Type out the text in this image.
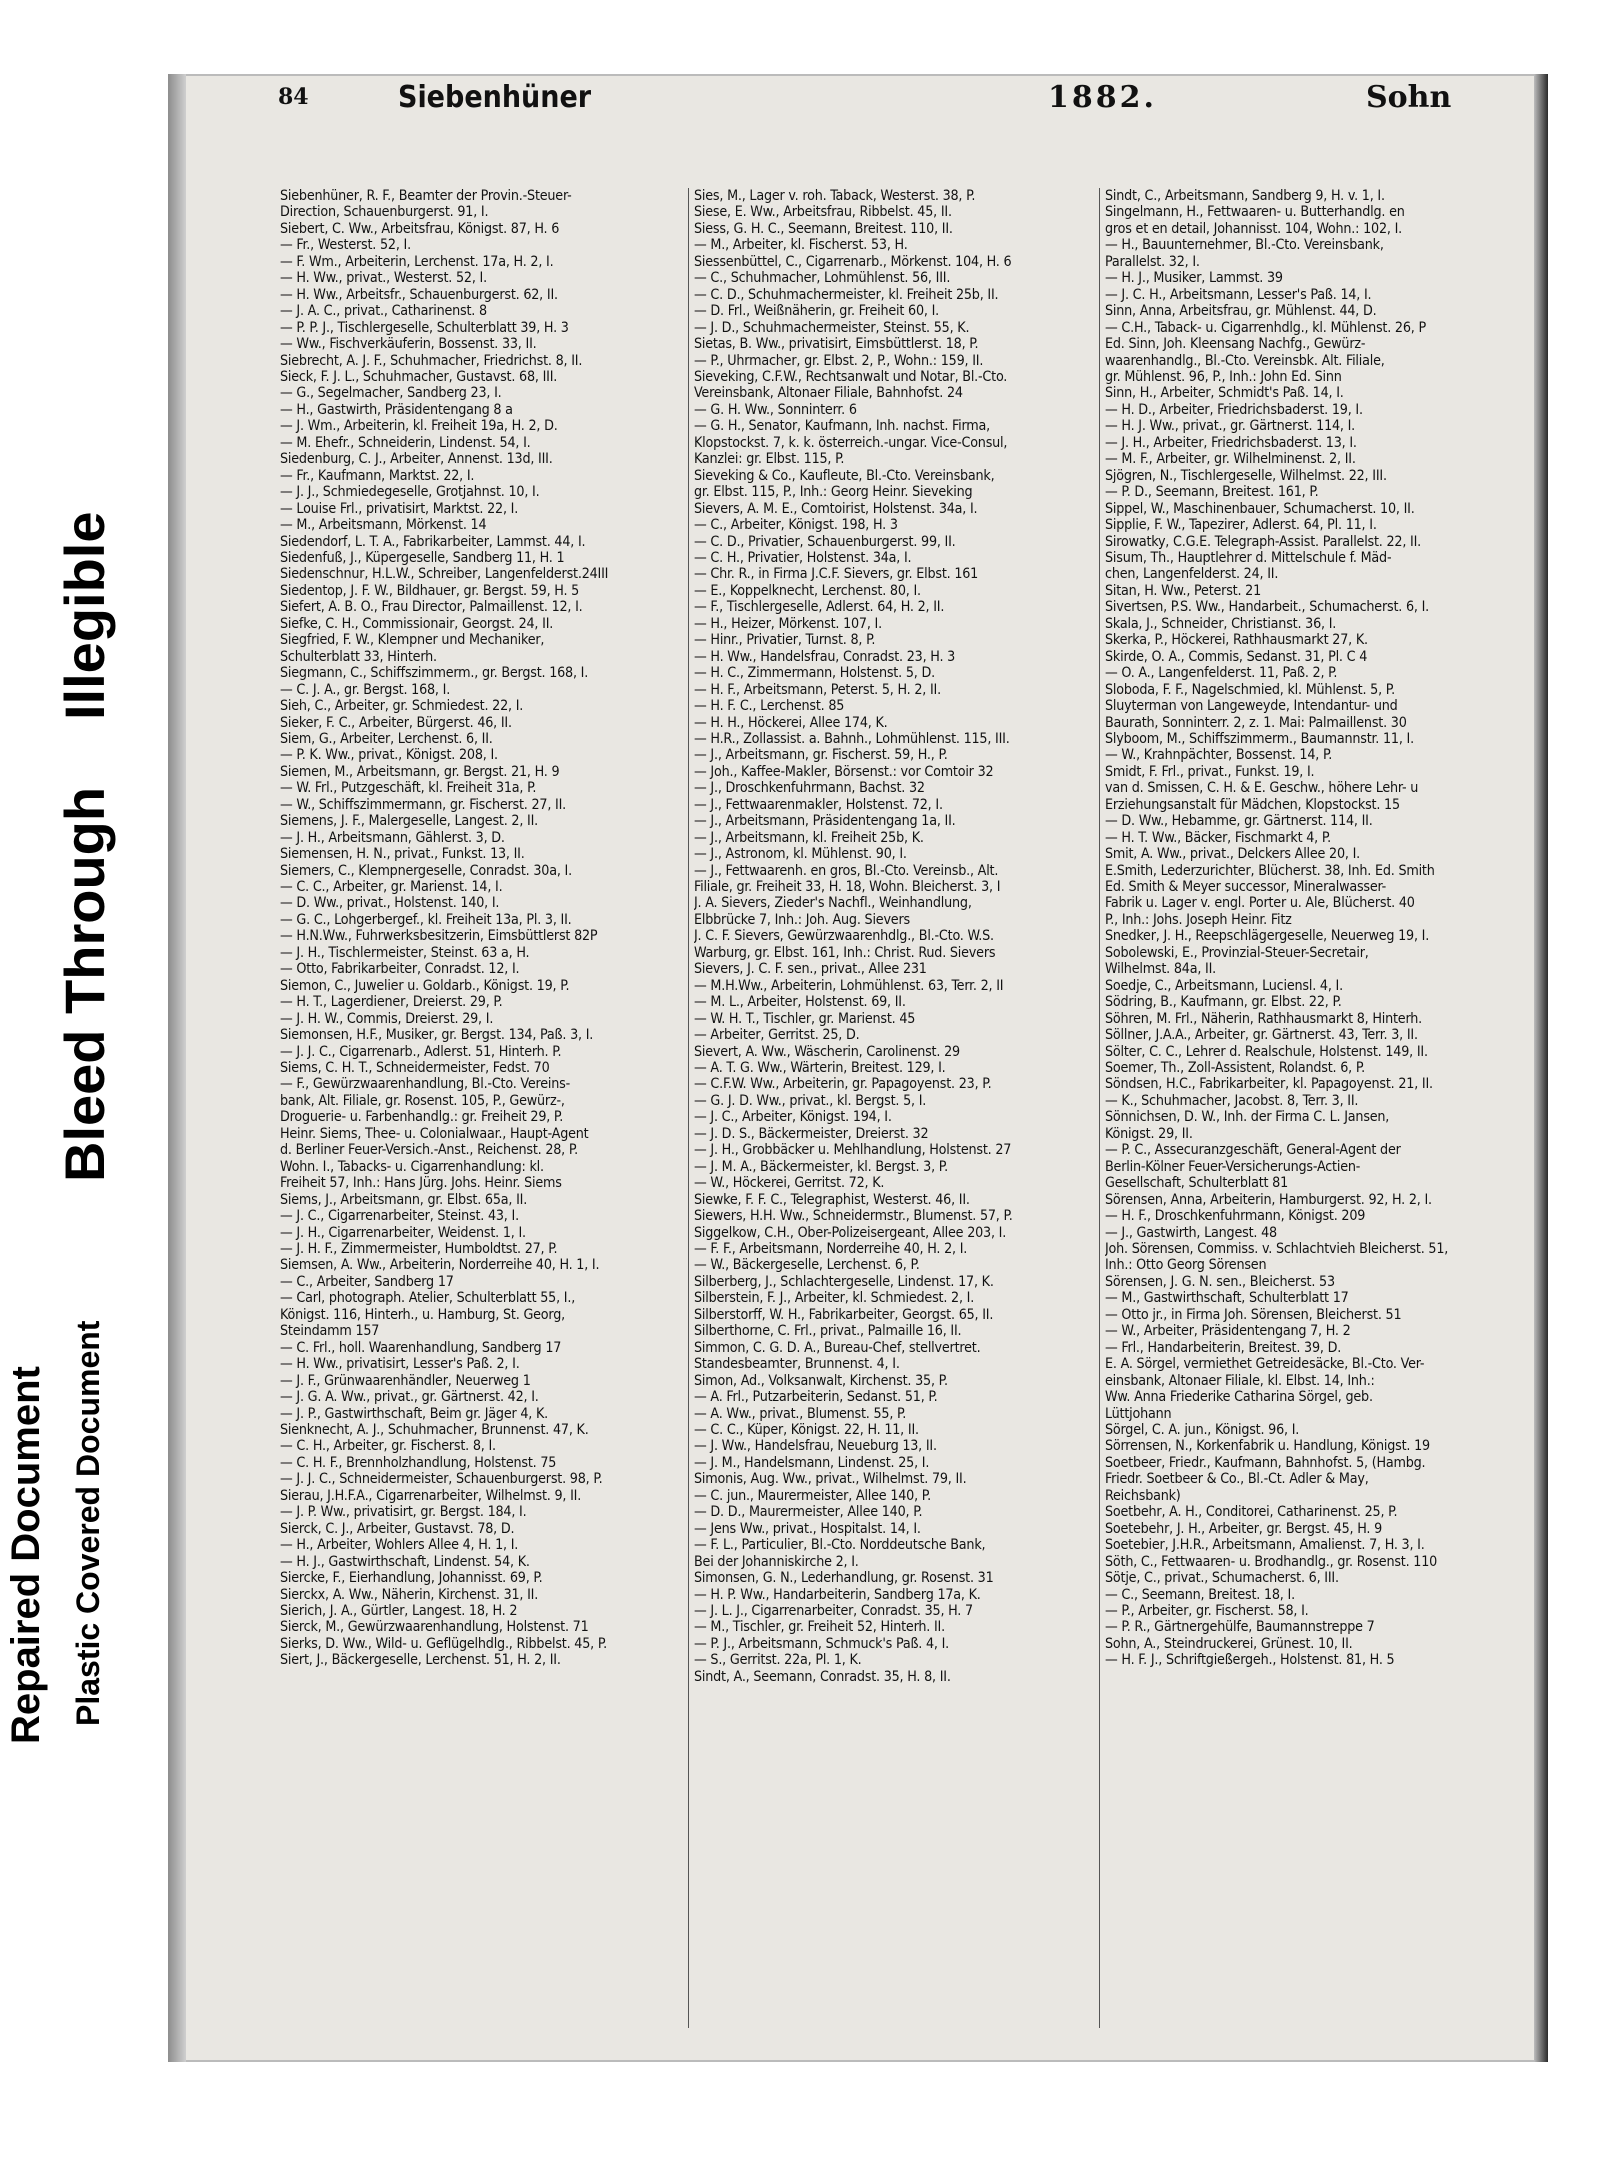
84	Siebenhüner	1882.	Sohn
Siebenhüner, R. F., Beamter der Provin.-Steuer-
Direction, Schauenburgerst. 91, I.
Siebert, C. Ww., Arbeitsfrau, Königst. 87, H. 6
— Fr., Westerst. 52, I.
— F. Wm., Arbeiterin, Lerchenst. 17a, H. 2, I.
— H. Ww., privat., Westerst. 52, I.
— H. Ww., Arbeitsfr., Schauenburgerst. 62, II.
— J. A. C., privat., Catharinenst. 8
— P. P. J., Tischlergeselle, Schulterblatt 39, H. 3
— Ww., Fischverkäuferin, Bossenst. 33, II.
Siebrecht, A. J. F., Schuhmacher, Friedrichst. 8, II.
Sieck, F. J. L., Schuhmacher, Gustavst. 68, III.
— G., Segelmacher, Sandberg 23, I.
— H., Gastwirth, Präsidentengang 8 a
— J. Wm., Arbeiterin, kl. Freiheit 19a, H. 2, D.
— M. Ehefr., Schneiderin, Lindenst. 54, I.
Siedenburg, C. J., Arbeiter, Annenst. 13d, III.
— Fr., Kaufmann, Marktst. 22, I.
— J. J., Schmiedegeselle, Grotjahnst. 10, I.
— Louise Frl., privatisirt, Marktst. 22, I.
— M., Arbeitsmann, Mörkenst. 14
Siedendorf, L. T. A., Fabrikarbeiter, Lammst. 44, I.
Siedenfuß, J., Küpergeselle, Sandberg 11, H. 1
Siedenschnur, H.L.W., Schreiber, Langenfelderst.24III
Siedentop, J. F. W., Bildhauer, gr. Bergst. 59, H. 5
Siefert, A. B. O., Frau Director, Palmaillenst. 12, I.
Siefke, C. H., Commissionair, Georgst. 24, II.
Siegfried, F. W., Klempner und Mechaniker,
Schulterblatt 33, Hinterh.
Siegmann, C., Schiffszimmerm., gr. Bergst. 168, I.
— C. J. A., gr. Bergst. 168, I.
Sieh, C., Arbeiter, gr. Schmiedest. 22, I.
Sieker, F. C., Arbeiter, Bürgerst. 46, II.
Siem, G., Arbeiter, Lerchenst. 6, II.
— P. K. Ww., privat., Königst. 208, I.
Siemen, M., Arbeitsmann, gr. Bergst. 21, H. 9
— W. Frl., Putzgeschäft, kl. Freiheit 31a, P.
— W., Schiffszimmermann, gr. Fischerst. 27, II.
Siemens, J. F., Malergeselle, Langest. 2, II.
— J. H., Arbeitsmann, Gählerst. 3, D.
Siemensen, H. N., privat., Funkst. 13, II.
Siemers, C., Klempnergeselle, Conradst. 30a, I.
— C. C., Arbeiter, gr. Marienst. 14, I.
— D. Ww., privat., Holstenst. 140, I.
— G. C., Lohgerbergef., kl. Freiheit 13a, Pl. 3, II.
— H.N.Ww., Fuhrwerksbesitzerin, Eimsbüttlerst 82P
— J. H., Tischlermeister, Steinst. 63 a, H.
— Otto, Fabrikarbeiter, Conradst. 12, I.
Siemon, C., Juwelier u. Goldarb., Königst. 19, P.
— H. T., Lagerdiener, Dreierst. 29, P.
— J. H. W., Commis, Dreierst. 29, I.
Siemonsen, H.F., Musiker, gr. Bergst. 134, Paß. 3, I.
— J. J. C., Cigarrenarb., Adlerst. 51, Hinterh. P.
Siems, C. H. T., Schneidermeister, Fedst. 70
— F., Gewürzwaarenhandlung, Bl.-Cto. Vereins-
bank, Alt. Filiale, gr. Rosenst. 105, P., Gewürz-,
Droguerie- u. Farbenhandlg.: gr. Freiheit 29, P.
Heinr. Siems, Thee- u. Colonialwaar., Haupt-Agent
d. Berliner Feuer-Versich.-Anst., Reichenst. 28, P.
Wohn. I., Tabacks- u. Cigarrenhandlung: kl.
Freiheit 57, Inh.: Hans Jürg. Johs. Heinr. Siems
Siems, J., Arbeitsmann, gr. Elbst. 65a, II.
— J. C., Cigarrenarbeiter, Steinst. 43, I.
— J. H., Cigarrenarbeiter, Weidenst. 1, I.
— J. H. F., Zimmermeister, Humboldtst. 27, P.
Siemsen, A. Ww., Arbeiterin, Norderreihe 40, H. 1, I.
— C., Arbeiter, Sandberg 17
— Carl, photograph. Atelier, Schulterblatt 55, I.,
Königst. 116, Hinterh., u. Hamburg, St. Georg,
Steindamm 157
— C. Frl., holl. Waarenhandlung, Sandberg 17
— H. Ww., privatisirt, Lesser's Paß. 2, I.
— J. F., Grünwaarenhändler, Neuerweg 1
— J. G. A. Ww., privat., gr. Gärtnerst. 42, I.
— J. P., Gastwirthschaft, Beim gr. Jäger 4, K.
Sienknecht, A. J., Schuhmacher, Brunnenst. 47, K.
— C. H., Arbeiter, gr. Fischerst. 8, I.
— C. H. F., Brennholzhandlung, Holstenst. 75
— J. J. C., Schneidermeister, Schauenburgerst. 98, P.
Sierau, J.H.F.A., Cigarrenarbeiter, Wilhelmst. 9, II.
— J. P. Ww., privatisirt, gr. Bergst. 184, I.
Sierck, C. J., Arbeiter, Gustavst. 78, D.
— H., Arbeiter, Wohlers Allee 4, H. 1, I.
— H. J., Gastwirthschaft, Lindenst. 54, K.
Siercke, F., Eierhandlung, Johannisst. 69, P.
Sierckx, A. Ww., Näherin, Kirchenst. 31, II.
Sierich, J. A., Gürtler, Langest. 18, H. 2
Sierck, M., Gewürzwaarenhandlung, Holstenst. 71
Sierks, D. Ww., Wild- u. Geflügelhdlg., Ribbelst. 45, P.
Siert, J., Bäckergeselle, Lerchenst. 51, H. 2, II.
Sies, M., Lager v. roh. Taback, Westerst. 38, P.
Siese, E. Ww., Arbeitsfrau, Ribbelst. 45, II.
Siess, G. H. C., Seemann, Breitest. 110, II.
— M., Arbeiter, kl. Fischerst. 53, H.
Siessenbüttel, C., Cigarrenarb., Mörkenst. 104, H. 6
— C., Schuhmacher, Lohmühlenst. 56, III.
— C. D., Schuhmachermeister, kl. Freiheit 25b, II.
— D. Frl., Weißnäherin, gr. Freiheit 60, I.
— J. D., Schuhmachermeister, Steinst. 55, K.
Sietas, B. Ww., privatisirt, Eimsbüttlerst. 18, P.
— P., Uhrmacher, gr. Elbst. 2, P., Wohn.: 159, II.
Sieveking, C.F.W., Rechtsanwalt und Notar, Bl.-Cto.
Vereinsbank, Altonaer Filiale, Bahnhofst. 24
— G. H. Ww., Sonninterr. 6
— G. H., Senator, Kaufmann, Inh. nachst. Firma,
Klopstockst. 7, k. k. österreich.-ungar. Vice-Consul,
Kanzlei: gr. Elbst. 115, P.
Sieveking & Co., Kaufleute, Bl.-Cto. Vereinsbank,
gr. Elbst. 115, P., Inh.: Georg Heinr. Sieveking
Sievers, A. M. E., Comtoirist, Holstenst. 34a, I.
— C., Arbeiter, Königst. 198, H. 3
— C. D., Privatier, Schauenburgerst. 99, II.
— C. H., Privatier, Holstenst. 34a, I.
— Chr. R., in Firma J.C.F. Sievers, gr. Elbst. 161
— E., Koppelknecht, Lerchenst. 80, I.
— F., Tischlergeselle, Adlerst. 64, H. 2, II.
— H., Heizer, Mörkenst. 107, I.
— Hinr., Privatier, Turnst. 8, P.
— H. Ww., Handelsfrau, Conradst. 23, H. 3
— H. C., Zimmermann, Holstenst. 5, D.
— H. F., Arbeitsmann, Peterst. 5, H. 2, II.
— H. F. C., Lerchenst. 85
— H. H., Höckerei, Allee 174, K.
— H.R., Zollassist. a. Bahnh., Lohmühlenst. 115, III.
— J., Arbeitsmann, gr. Fischerst. 59, H., P.
— Joh., Kaffee-Makler, Börsenst.: vor Comtoir 32
— J., Droschkenfuhrmann, Bachst. 32
— J., Fettwaarenmakler, Holstenst. 72, I.
— J., Arbeitsmann, Präsidentengang 1a, II.
— J., Arbeitsmann, kl. Freiheit 25b, K.
— J., Astronom, kl. Mühlenst. 90, I.
— J., Fettwaarenh. en gros, Bl.-Cto. Vereinsb., Alt.
Filiale, gr. Freiheit 33, H. 18, Wohn. Bleicherst. 3, I
J. A. Sievers, Zieder's Nachfl., Weinhandlung,
Elbbrücke 7, Inh.: Joh. Aug. Sievers
J. C. F. Sievers, Gewürzwaarenhdlg., Bl.-Cto. W.S.
Warburg, gr. Elbst. 161, Inh.: Christ. Rud. Sievers
Sievers, J. C. F. sen., privat., Allee 231
— M.H.Ww., Arbeiterin, Lohmühlenst. 63, Terr. 2, II
— M. L., Arbeiter, Holstenst. 69, II.
— W. H. T., Tischler, gr. Marienst. 45
— Arbeiter, Gerritst. 25, D.
Sievert, A. Ww., Wäscherin, Carolinenst. 29
— A. T. G. Ww., Wärterin, Breitest. 129, I.
— C.F.W. Ww., Arbeiterin, gr. Papagoyenst. 23, P.
— G. J. D. Ww., privat., kl. Bergst. 5, I.
— J. C., Arbeiter, Königst. 194, I.
— J. D. S., Bäckermeister, Dreierst. 32
— J. H., Grobbäcker u. Mehlhandlung, Holstenst. 27
— J. M. A., Bäckermeister, kl. Bergst. 3, P.
— W., Höckerei, Gerritst. 72, K.
Siewke, F. F. C., Telegraphist, Westerst. 46, II.
Siewers, H.H. Ww., Schneidermstr., Blumenst. 57, P.
Siggelkow, C.H., Ober-Polizeisergeant, Allee 203, I.
— F. F., Arbeitsmann, Norderreihe 40, H. 2, I.
— W., Bäckergeselle, Lerchenst. 6, P.
Silberberg, J., Schlachtergeselle, Lindenst. 17, K.
Silberstein, F. J., Arbeiter, kl. Schmiedest. 2, I.
Silberstorff, W. H., Fabrikarbeiter, Georgst. 65, II.
Silberthorne, C. Frl., privat., Palmaille 16, II.
Simmon, C. G. D. A., Bureau-Chef, stellvertret.
Standesbeamter, Brunnenst. 4, I.
Simon, Ad., Volksanwalt, Kirchenst. 35, P.
— A. Frl., Putzarbeiterin, Sedanst. 51, P.
— A. Ww., privat., Blumenst. 55, P.
— C. C., Küper, Königst. 22, H. 11, II.
— J. Ww., Handelsfrau, Neueburg 13, II.
— J. M., Handelsmann, Lindenst. 25, I.
Simonis, Aug. Ww., privat., Wilhelmst. 79, II.
— C. jun., Maurermeister, Allee 140, P.
— D. D., Maurermeister, Allee 140, P.
— Jens Ww., privat., Hospitalst. 14, I.
— F. L., Particulier, Bl.-Cto. Norddeutsche Bank,
Bei der Johanniskirche 2, I.
Simonsen, G. N., Lederhandlung, gr. Rosenst. 31
— H. P. Ww., Handarbeiterin, Sandberg 17a, K.
— J. L. J., Cigarrenarbeiter, Conradst. 35, H. 7
— M., Tischler, gr. Freiheit 52, Hinterh. II.
— P. J., Arbeitsmann, Schmuck's Paß. 4, I.
— S., Gerritst. 22a, Pl. 1, K.
Sindt, A., Seemann, Conradst. 35, H. 8, II.
Sindt, C., Arbeitsmann, Sandberg 9, H. v. 1, I.
Singelmann, H., Fettwaaren- u. Butterhandlg. en
gros et en detail, Johannisst. 104, Wohn.: 102, I.
— H., Bauunternehmer, Bl.-Cto. Vereinsbank,
Parallelst. 32, I.
— H. J., Musiker, Lammst. 39
— J. C. H., Arbeitsmann, Lesser's Paß. 14, I.
Sinn, Anna, Arbeitsfrau, gr. Mühlenst. 44, D.
— C.H., Taback- u. Cigarrenhdlg., kl. Mühlenst. 26, P
Ed. Sinn, Joh. Kleensang Nachfg., Gewürz-
waarenhandlg., Bl.-Cto. Vereinsbk. Alt. Filiale,
gr. Mühlenst. 96, P., Inh.: John Ed. Sinn
Sinn, H., Arbeiter, Schmidt's Paß. 14, I.
— H. D., Arbeiter, Friedrichsbaderst. 19, I.
— H. J. Ww., privat., gr. Gärtnerst. 114, I.
— J. H., Arbeiter, Friedrichsbaderst. 13, I.
— M. F., Arbeiter, gr. Wilhelminenst. 2, II.
Sjögren, N., Tischlergeselle, Wilhelmst. 22, III.
— P. D., Seemann, Breitest. 161, P.
Sippel, W., Maschinenbauer, Schumacherst. 10, II.
Sipplie, F. W., Tapezirer, Adlerst. 64, Pl. 11, I.
Sirowatky, C.G.E. Telegraph-Assist. Parallelst. 22, II.
Sisum, Th., Hauptlehrer d. Mittelschule f. Mäd-
chen, Langenfelderst. 24, II.
Sitan, H. Ww., Peterst. 21
Sivertsen, P.S. Ww., Handarbeit., Schumacherst. 6, I.
Skala, J., Schneider, Christianst. 36, I.
Skerka, P., Höckerei, Rathhausmarkt 27, K.
Skirde, O. A., Commis, Sedanst. 31, Pl. C 4
— O. A., Langenfelderst. 11, Paß. 2, P.
Sloboda, F. F., Nagelschmied, kl. Mühlenst. 5, P.
Sluyterman von Langeweyde, Intendantur- und
Baurath, Sonninterr. 2, z. 1. Mai: Palmaillenst. 30
Slyboom, M., Schiffszimmerm., Baumannstr. 11, I.
— W., Krahnpächter, Bossenst. 14, P.
Smidt, F. Frl., privat., Funkst. 19, I.
van d. Smissen, C. H. & E. Geschw., höhere Lehr- u
Erziehungsanstalt für Mädchen, Klopstockst. 15
— D. Ww., Hebamme, gr. Gärtnerst. 114, II.
— H. T. Ww., Bäcker, Fischmarkt 4, P.
Smit, A. Ww., privat., Delckers Allee 20, I.
E.Smith, Lederzurichter, Blücherst. 38, Inh. Ed. Smith
Ed. Smith & Meyer successor, Mineralwasser-
Fabrik u. Lager v. engl. Porter u. Ale, Blücherst. 40
P., Inh.: Johs. Joseph Heinr. Fitz
Snedker, J. H., Reepschlägergeselle, Neuerweg 19, I.
Sobolewski, E., Provinzial-Steuer-Secretair,
Wilhelmst. 84a, II.
Soedje, C., Arbeitsmann, Luciensl. 4, I.
Södring, B., Kaufmann, gr. Elbst. 22, P.
Söhren, M. Frl., Näherin, Rathhausmarkt 8, Hinterh.
Söllner, J.A.A., Arbeiter, gr. Gärtnerst. 43, Terr. 3, II.
Sölter, C. C., Lehrer d. Realschule, Holstenst. 149, II.
Soemer, Th., Zoll-Assistent, Rolandst. 6, P.
Söndsen, H.C., Fabrikarbeiter, kl. Papagoyenst. 21, II.
— K., Schuhmacher, Jacobst. 8, Terr. 3, II.
Sönnichsen, D. W., Inh. der Firma C. L. Jansen,
Königst. 29, II.
— P. C., Assecuranzgeschäft, General-Agent der
Berlin-Kölner Feuer-Versicherungs-Actien-
Gesellschaft, Schulterblatt 81
Sörensen, Anna, Arbeiterin, Hamburgerst. 92, H. 2, I.
— H. F., Droschkenfuhrmann, Königst. 209
— J., Gastwirth, Langest. 48
Joh. Sörensen, Commiss. v. Schlachtvieh Bleicherst. 51,
Inh.: Otto Georg Sörensen
Sörensen, J. G. N. sen., Bleicherst. 53
— M., Gastwirthschaft, Schulterblatt 17
— Otto jr., in Firma Joh. Sörensen, Bleicherst. 51
— W., Arbeiter, Präsidentengang 7, H. 2
— Frl., Handarbeiterin, Breitest. 39, D.
E. A. Sörgel, vermiethet Getreidesäcke, Bl.-Cto. Ver-
einsbank, Altonaer Filiale, kl. Elbst. 14, Inh.:
Ww. Anna Friederike Catharina Sörgel, geb.
Lüttjohann
Sörgel, C. A. jun., Königst. 96, I.
Sörrensen, N., Korkenfabrik u. Handlung, Königst. 19
Soetbeer, Friedr., Kaufmann, Bahnhofst. 5, (Hambg.
Friedr. Soetbeer & Co., Bl.-Ct. Adler & May,
Reichsbank)
Soetbehr, A. H., Conditorei, Catharinenst. 25, P.
Soetebehr, J. H., Arbeiter, gr. Bergst. 45, H. 9
Soetebier, J.H.R., Arbeitsmann, Amalienst. 7, H. 3, I.
Söth, C., Fettwaaren- u. Brodhandlg., gr. Rosenst. 110
Sötje, C., privat., Schumacherst. 6, III.
— C., Seemann, Breitest. 18, I.
— P., Arbeiter, gr. Fischerst. 58, I.
— P. R., Gärtnergehülfe, Baumannstreppe 7
Sohn, A., Steindruckerei, Grünest. 10, II.
— H. F. J., Schriftgießergeh., Holstenst. 81, H. 5
Illegible
Bleed Through
Repaired Document Plastic Covered Document
